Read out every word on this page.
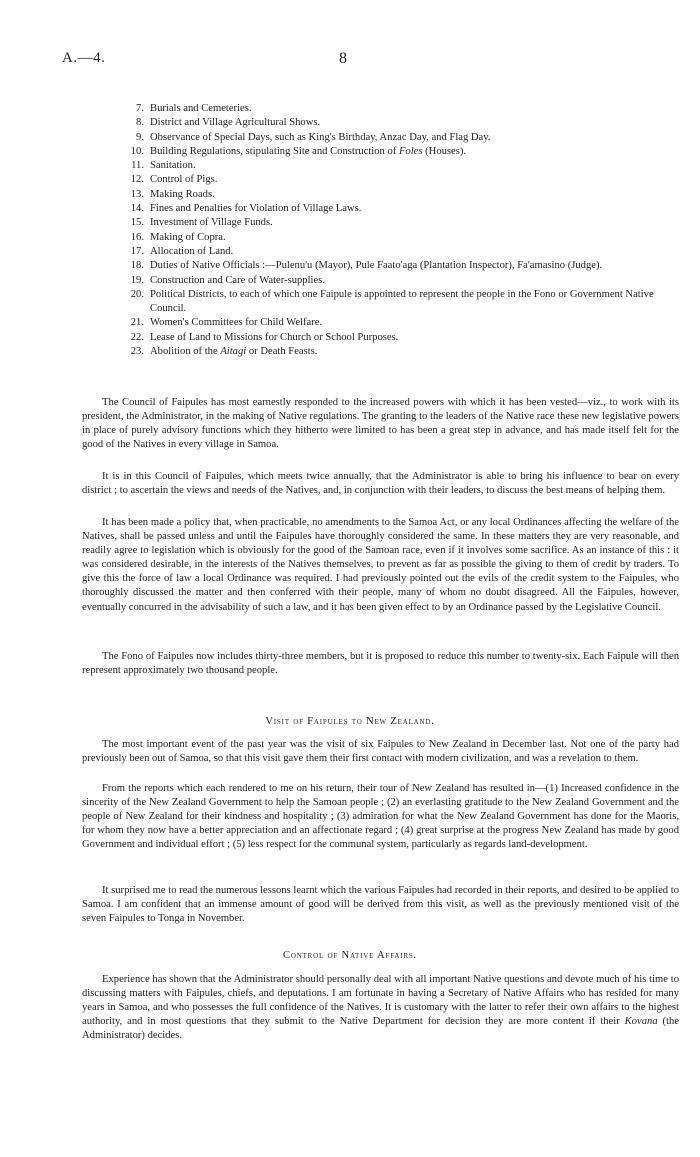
A.—4.	8
7. Burials and Cemeteries.
8. District and Village Agricultural Shows.
9. Observance of Special Days, such as King's Birthday, Anzac Day, and Flag Day.
10. Building Regulations, stipulating Site and Construction of Foles (Houses).
11. Sanitation.
12. Control of Pigs.
13. Making Roads.
14. Fines and Penalties for Violation of Village Laws.
15. Investment of Village Funds.
16. Making of Copra.
17. Allocation of Land.
18. Duties of Native Officials :—Pulenu'u (Mayor), Pule Faato'aga (Plantation Inspector), Fa'amasino (Judge).
19. Construction and Care of Water-supplies.
20. Political Districts, to each of which one Faipule is appointed to represent the people in the Fono or Government Native Council.
21. Women's Committees for Child Welfare.
22. Lease of Land to Missions for Church or School Purposes.
23. Abolition of the Aitagi or Death Feasts.

The Council of Faipules has most earnestly responded to the increased powers with which it has been vested—viz., to work with its president, the Administrator, in the making of Native regulations. The granting to the leaders of the Native race these new legislative powers in place of purely advisory functions which they hitherto were limited to has been a great step in advance, and has made itself felt for the good of the Natives in every village in Samoa.

It is in this Council of Faipules, which meets twice annually, that the Administrator is able to bring his influence to bear on every district ; to ascertain the views and needs of the Natives, and, in conjunction with their leaders, to discuss the best means of helping them.

It has been made a policy that, when practicable, no amendments to the Samoa Act, or any local Ordinances affecting the welfare of the Natives, shall be passed unless and until the Faipules have thoroughly considered the same. In these matters they are very reasonable, and readily agree to legislation which is obviously for the good of the Samoan race, even if it involves some sacrifice. As an instance of this : it was considered desirable, in the interests of the Natives themselves, to prevent as far as possible the giving to them of credit by traders. To give this the force of law a local Ordinance was required. I had previously pointed out the evils of the credit system to the Faipules, who thoroughly discussed the matter and then conferred with their people, many of whom no doubt disagreed. All the Faipules, however, eventually concurred in the advisability of such a law, and it has been given effect to by an Ordinance passed by the Legislative Council.

The Fono of Faipules now includes thirty-three members, but it is proposed to reduce this number to twenty-six. Each Faipule will then represent approximately two thousand people.

Visit of Faipules to New Zealand.

The most important event of the past year was the visit of six Faipules to New Zealand in December last. Not one of the party had previously been out of Samoa, so that this visit gave them their first contact with modern civilization, and was a revelation to them.

From the reports which each rendered to me on his return, their tour of New Zealand has resulted in—(1) Increased confidence in the sincerity of the New Zealand Government to help the Samoan people ; (2) an everlasting gratitude to the New Zealand Government and the people of New Zealand for their kindness and hospitality ; (3) admiration for what the New Zealand Government has done for the Maoris, for whom they now have a better appreciation and an affectionate regard ; (4) great surprise at the progress New Zealand has made by good Government and individual effort ; (5) less respect for the communal system, particularly as regards land-development.

It surprised me to read the numerous lessons learnt which the various Faipules had recorded in their reports, and desired to be applied to Samoa. I am confident that an immense amount of good will be derived from this visit, as well as the previously mentioned visit of the seven Faipules to Tonga in November.

Control of Native Affairs.

Experience has shown that the Administrator should personally deal with all important Native questions and devote much of his time to discussing matters with Faipules, chiefs, and deputations. I am fortunate in having a Secretary of Native Affairs who has resided for many years in Samoa, and who possesses the full confidence of the Natives. It is customary with the latter to refer their own affairs to the highest authority, and in most questions that they submit to the Native Department for decision they are more content if their Kovana (the Administrator) decides.
